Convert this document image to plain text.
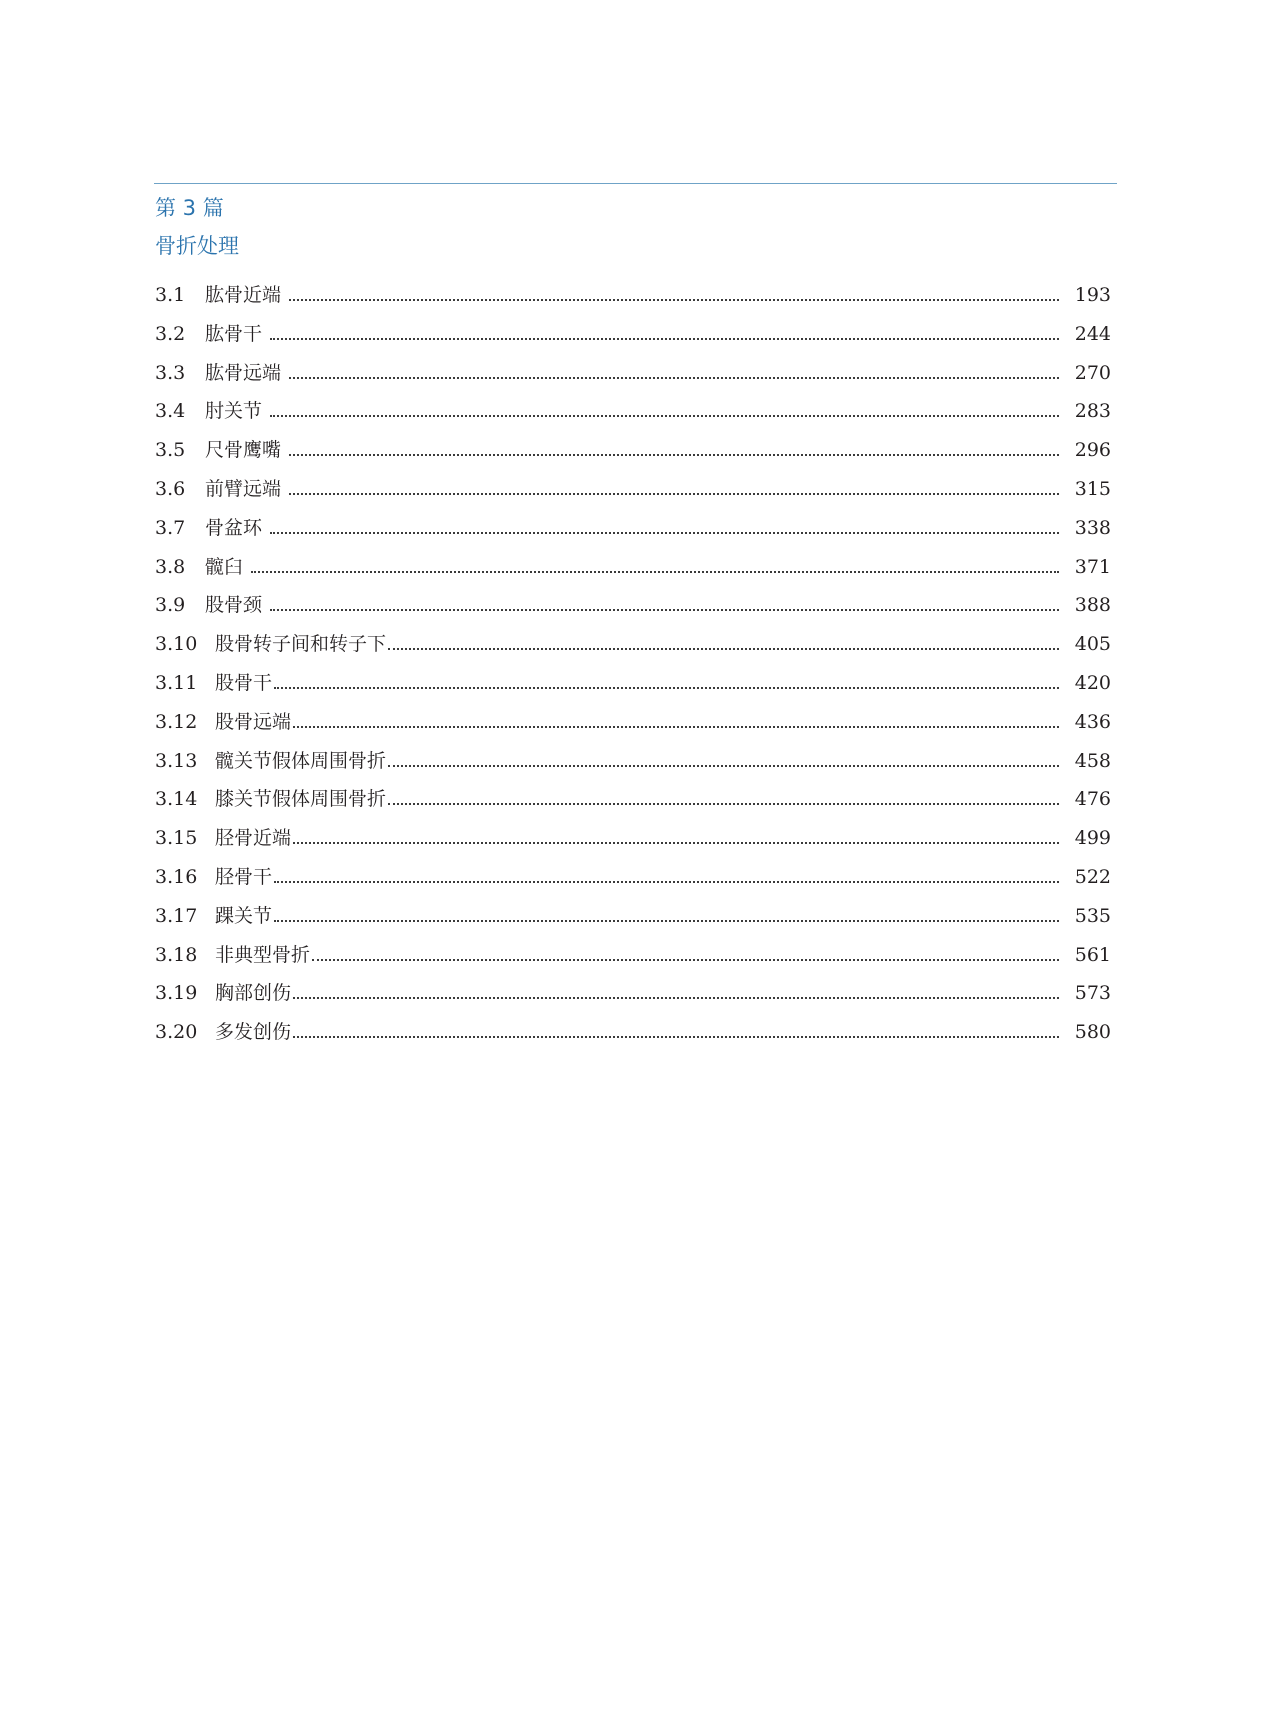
第 3 篇
骨折处理
3.1	肱骨近端	193
3.2	肱骨干	244
3.3	肱骨远端	270
3.4	肘关节	283
3.5	尺骨鹰嘴	296
3.6	前臂远端	315
3.7	骨盆环	338
3.8	髋臼	371
3.9	股骨颈	388
3.10 股骨转子间和转子下	405
3.11 股骨干	420
3.12 股骨远端	436
3.13 髋关节假体周围骨折	458
3.14 膝关节假体周围骨折	476
3.15 胫骨近端	499
3.16 胫骨干	522
3.17 踝关节	535
3.18 非典型骨折	561
3.19 胸部创伤	573
3.20 多发创伤	580
